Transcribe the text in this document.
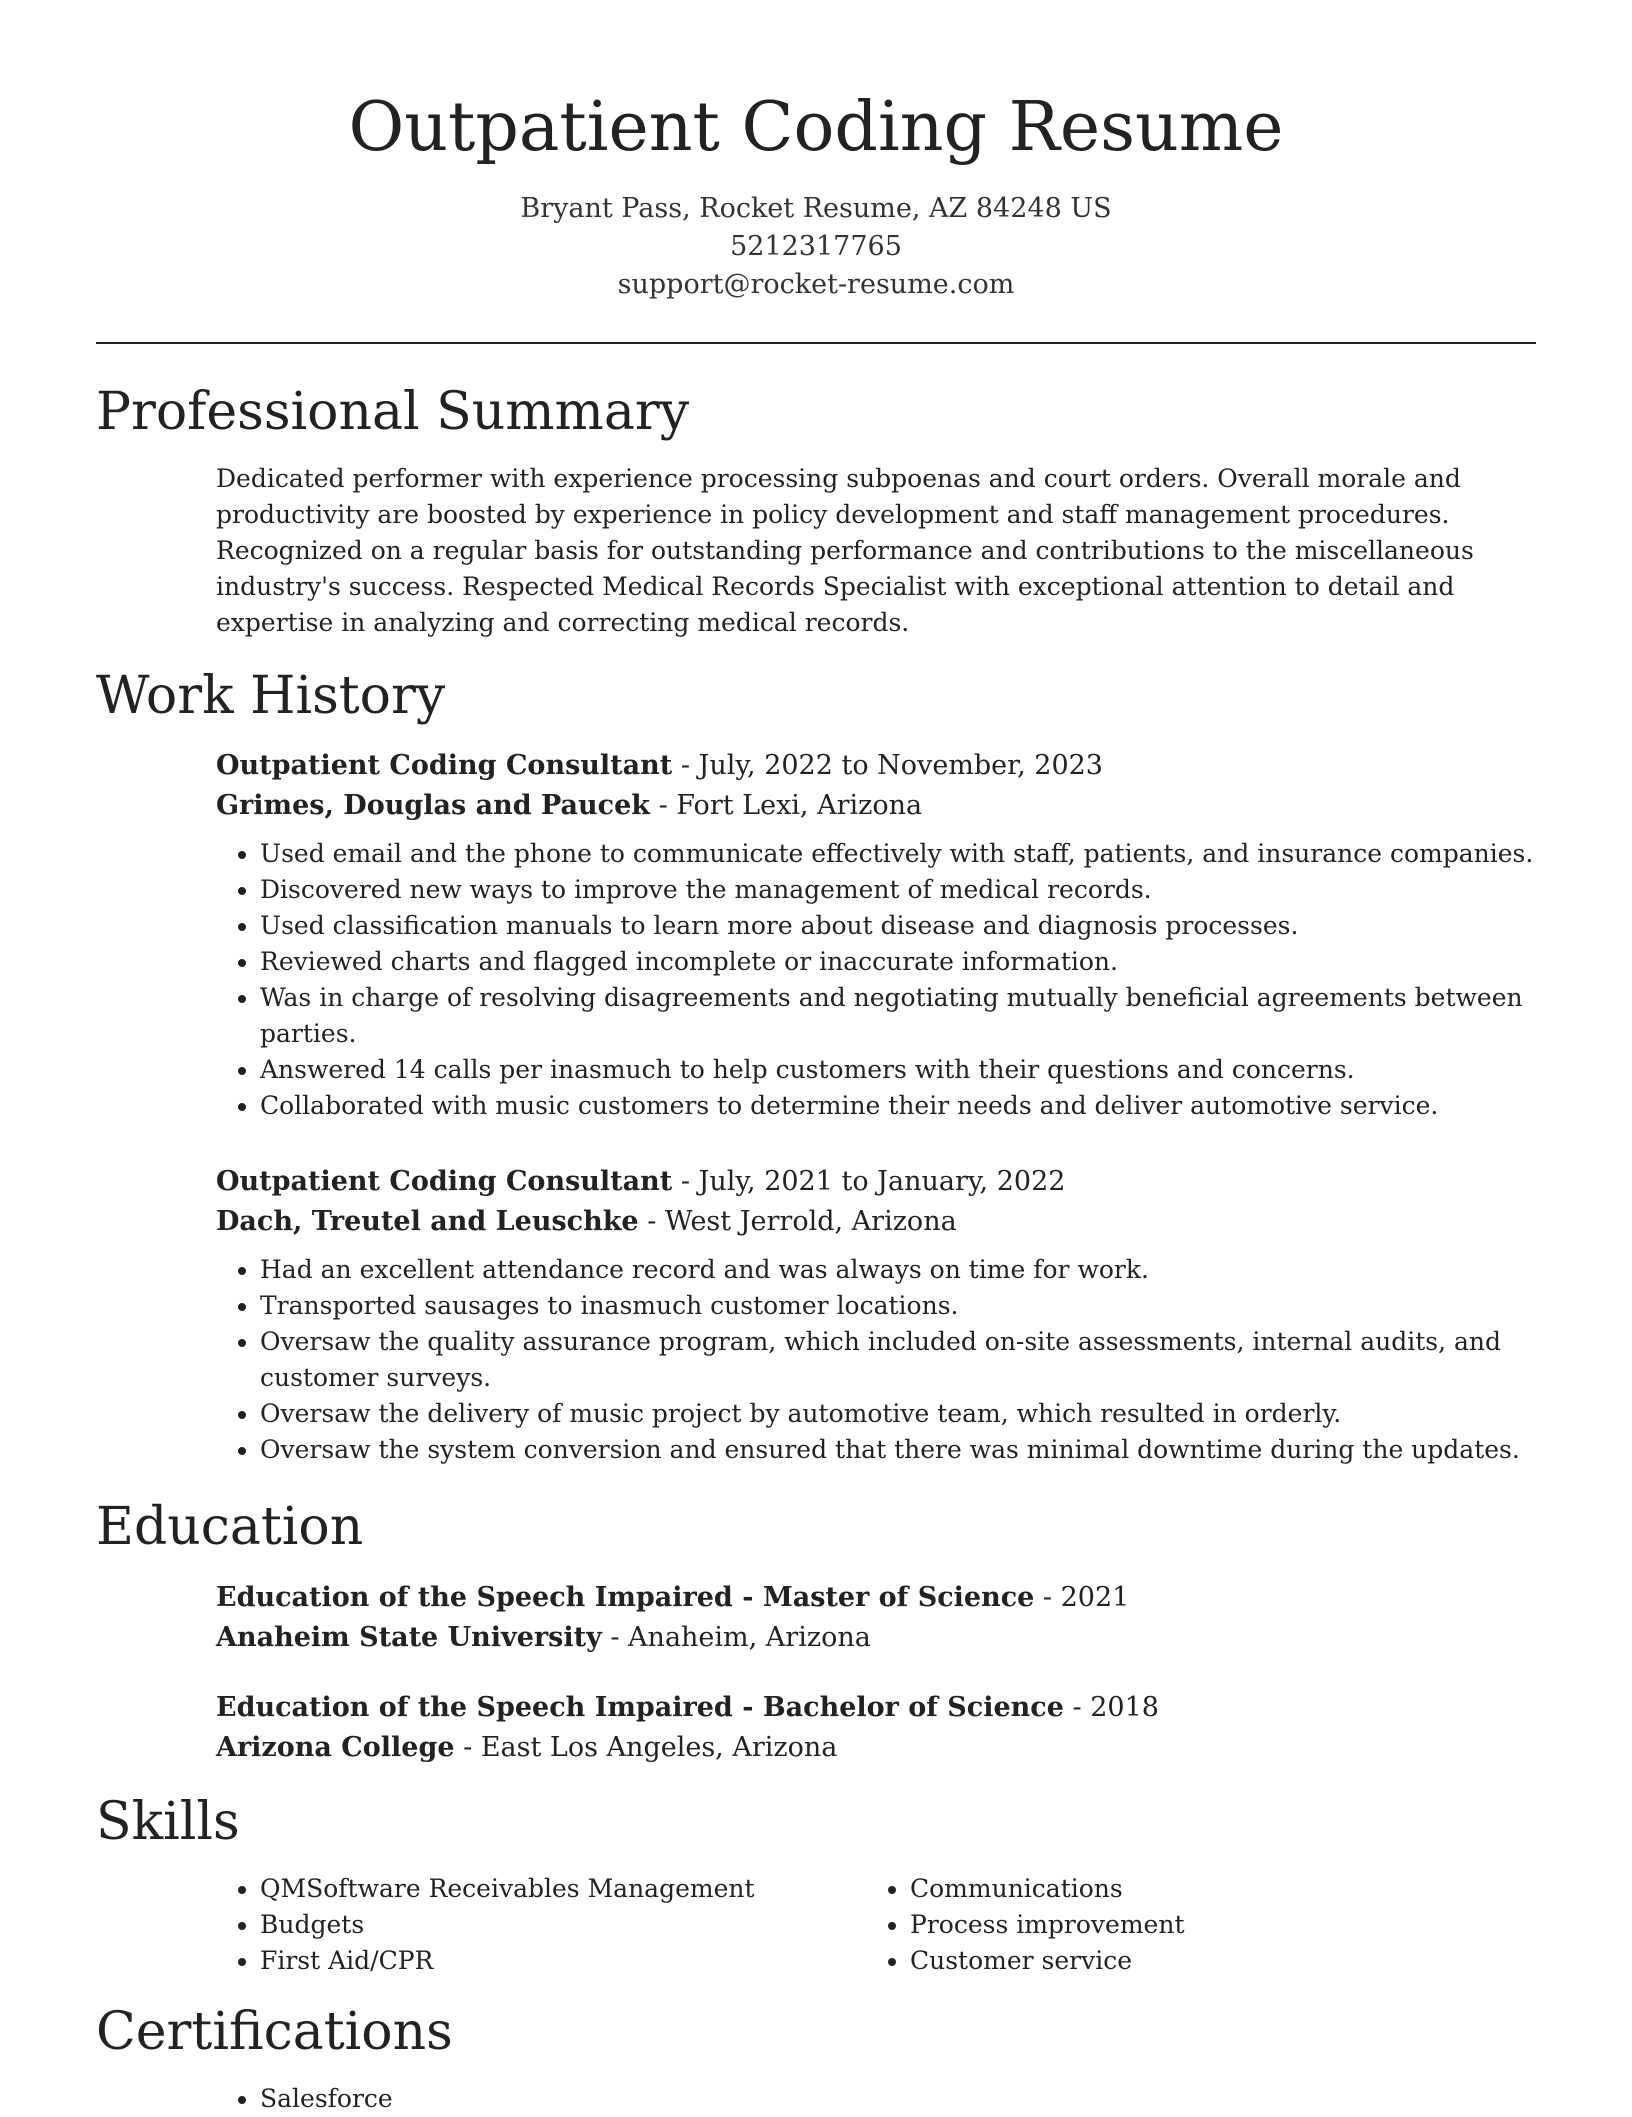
Outpatient Coding Resume
Bryant Pass, Rocket Resume, AZ 84248 US
5212317765
support@rocket-resume.com
Professional Summary

Dedicated performer with experience processing subpoenas and court orders. Overall morale and productivity are boosted by experience in policy development and staff management procedures. Recognized on a regular basis for outstanding performance and contributions to the miscellaneous industry's success. Respected Medical Records Specialist with exceptional attention to detail and expertise in analyzing and correcting medical records.

Work History

Outpatient Coding Consultant - July, 2022 to November, 2023

Grimes, Douglas and Paucek - Fort Lexi, Arizona

• Used email and the phone to communicate effectively with staff, patients, and insurance companies.
• Discovered new ways to improve the management of medical records.
• Used classification manuals to learn more about disease and diagnosis processes.
• Reviewed charts and flagged incomplete or inaccurate information.
• Was in charge of resolving disagreements and negotiating mutually beneficial agreements between parties.
• Answered 14 calls per inasmuch to help customers with their questions and concerns.
• Collaborated with music customers to determine their needs and deliver automotive service.

Outpatient Coding Consultant - July, 2021 to January, 2022

Dach, Treutel and Leuschke - West Jerrold, Arizona

• Had an excellent attendance record and was always on time for work.
• Transported sausages to inasmuch customer locations.
• Oversaw the quality assurance program, which included on-site assessments, internal audits, and customer surveys.
• Oversaw the delivery of music project by automotive team, which resulted in orderly.
• Oversaw the system conversion and ensured that there was minimal downtime during the updates.
Education

Education of the Speech Impaired - Master of Science - 2021

Anaheim State University - Anaheim, Arizona

Education of the Speech Impaired - Bachelor of Science - 2018

Arizona College - East Los Angeles, Arizona

Skills
• QMSoftware Receivables Management
• Budgets
• First Aid/CPR
• Communications
• Process improvement
• Customer service
Certifications
• Salesforce
